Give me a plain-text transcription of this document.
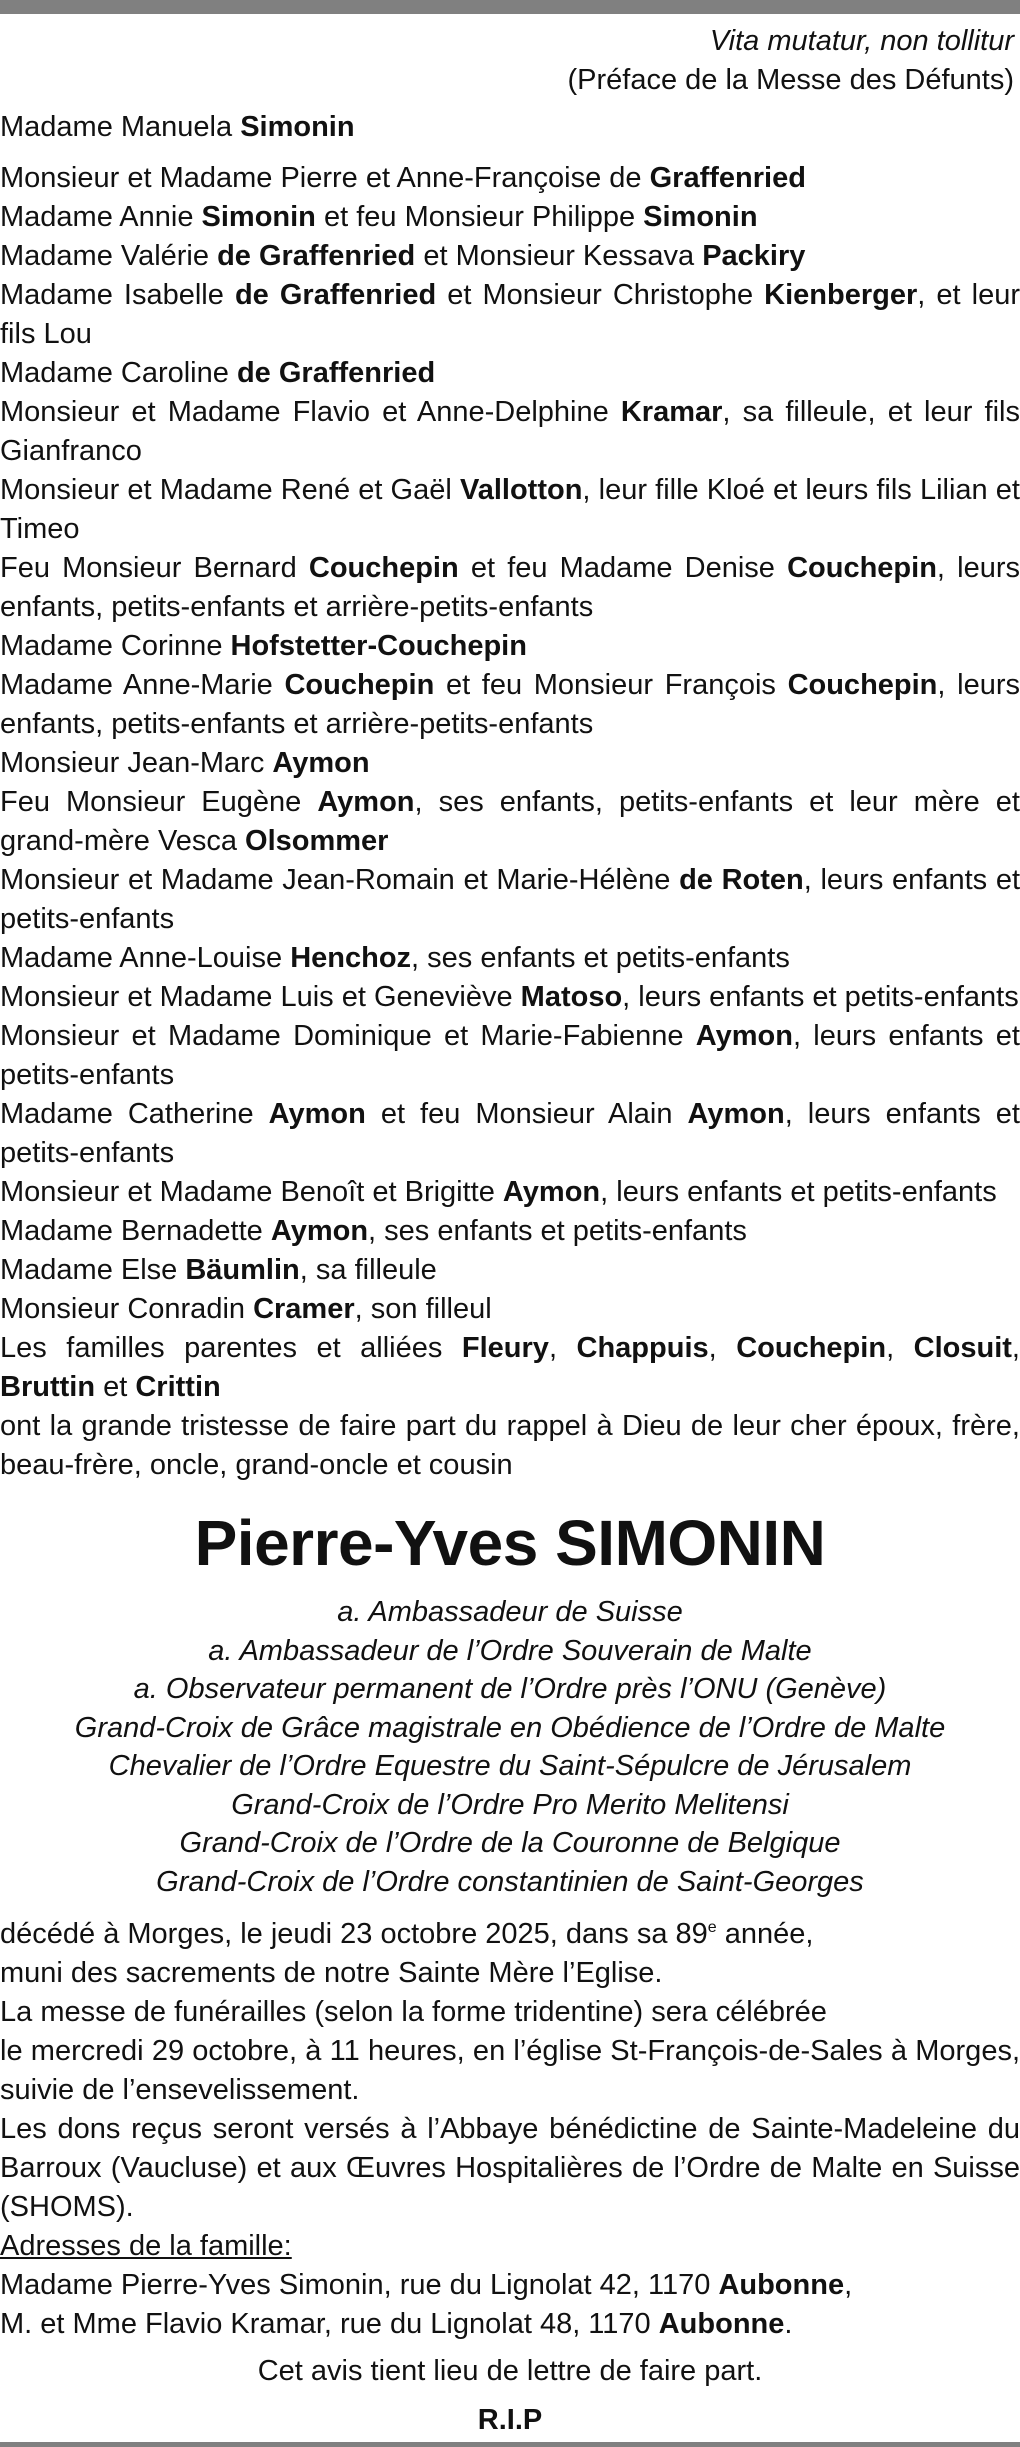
Vita mutatur, non tollitur
(Préface de la Messe des Défunts)
Madame Manuela Simonin
Monsieur et Madame Pierre et Anne-Françoise de Graffenried
Madame Annie Simonin et feu Monsieur Philippe Simonin
Madame Valérie de Graffenried et Monsieur Kessava Packiry
Madame Isabelle de Graffenried et Monsieur Christophe Kienberger, et leur fils Lou
Madame Caroline de Graffenried
Monsieur et Madame Flavio et Anne-Delphine Kramar, sa filleule, et leur fils Gianfranco
Monsieur et Madame René et Gaël Vallotton, leur fille Kloé et leurs fils Lilian et Timeo
Feu Monsieur Bernard Couchepin et feu Madame Denise Couchepin, leurs enfants, petits-enfants et arrière-petits-enfants
Madame Corinne Hofstetter-Couchepin
Madame Anne-Marie Couchepin et feu Monsieur François Couchepin, leurs enfants, petits-enfants et arrière-petits-enfants
Monsieur Jean-Marc Aymon
Feu Monsieur Eugène Aymon, ses enfants, petits-enfants et leur mère et grand-mère Vesca Olsommer
Monsieur et Madame Jean-Romain et Marie-Hélène de Roten, leurs enfants et petits-enfants
Madame Anne-Louise Henchoz, ses enfants et petits-enfants
Monsieur et Madame Luis et Geneviève Matoso, leurs enfants et petits-enfants
Monsieur et Madame Dominique et Marie-Fabienne Aymon, leurs enfants et petits-enfants
Madame Catherine Aymon et feu Monsieur Alain Aymon, leurs enfants et petits-enfants
Monsieur et Madame Benoît et Brigitte Aymon, leurs enfants et petits-enfants
Madame Bernadette Aymon, ses enfants et petits-enfants
Madame Else Bäumlin, sa filleule
Monsieur Conradin Cramer, son filleul
Les familles parentes et alliées Fleury, Chappuis, Couchepin, Closuit, Bruttin et Crittin
ont la grande tristesse de faire part du rappel à Dieu de leur cher époux, frère, beau-frère, oncle, grand-oncle et cousin
Pierre-Yves SIMONIN
a. Ambassadeur de Suisse
a. Ambassadeur de l’Ordre Souverain de Malte
a. Observateur permanent de l’Ordre près l’ONU (Genève)
Grand-Croix de Grâce magistrale en Obédience de l’Ordre de Malte
Chevalier de l’Ordre Equestre du Saint-Sépulcre de Jérusalem
Grand-Croix de l’Ordre Pro Merito Melitensi
Grand-Croix de l’Ordre de la Couronne de Belgique
Grand-Croix de l’Ordre constantinien de Saint-Georges
décédé à Morges, le jeudi 23 octobre 2025, dans sa 89e année,
muni des sacrements de notre Sainte Mère l’Eglise.
La messe de funérailles (selon la forme tridentine) sera célébrée
le mercredi 29 octobre, à 11 heures, en l’église St-François-de-Sales à Morges, suivie de l’ensevelissement.
Les dons reçus seront versés à l’Abbaye bénédictine de Sainte-Madeleine du Barroux (Vaucluse) et aux Œuvres Hospitalières de l’Ordre de Malte en Suisse (SHOMS).
Adresses de la famille:
Madame Pierre-Yves Simonin, rue du Lignolat 42, 1170 Aubonne,
M. et Mme Flavio Kramar, rue du Lignolat 48, 1170 Aubonne.
Cet avis tient lieu de lettre de faire part.
R.I.P
